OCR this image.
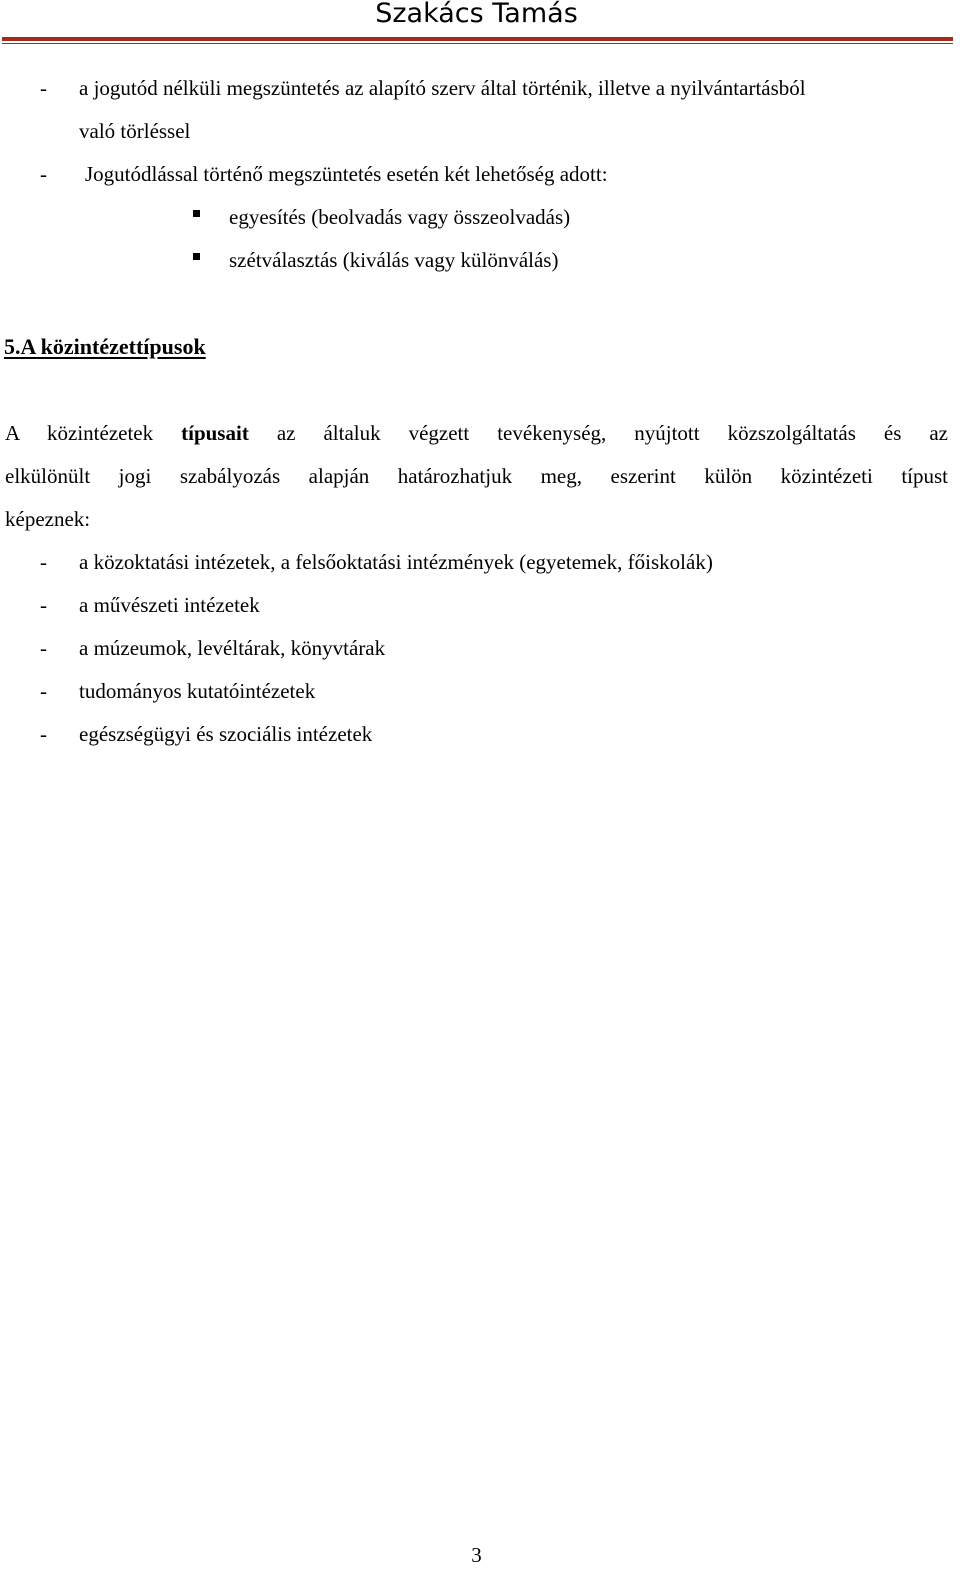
Szakács Tamás
- a jogutód nélküli megszüntetés az alapító szerv által történik, illetve a nyilvántartásból
való törléssel
- Jogutódlással történő megszüntetés esetén két lehetőség adott:
egyesítés (beolvadás vagy összeolvadás)
szétválasztás (kiválás vagy különválás)
5.A közintézettípusok
A közintézetek típusait az általuk végzett tevékenység, nyújtott közszolgáltatás és az
elkülönült jogi szabályozás alapján határozhatjuk meg, eszerint külön közintézeti típust
képeznek:
- a közoktatási intézetek, a felsőoktatási intézmények (egyetemek, főiskolák)
- a művészeti intézetek
- a múzeumok, levéltárak, könyvtárak
- tudományos kutatóintézetek
- egészségügyi és szociális intézetek
3
